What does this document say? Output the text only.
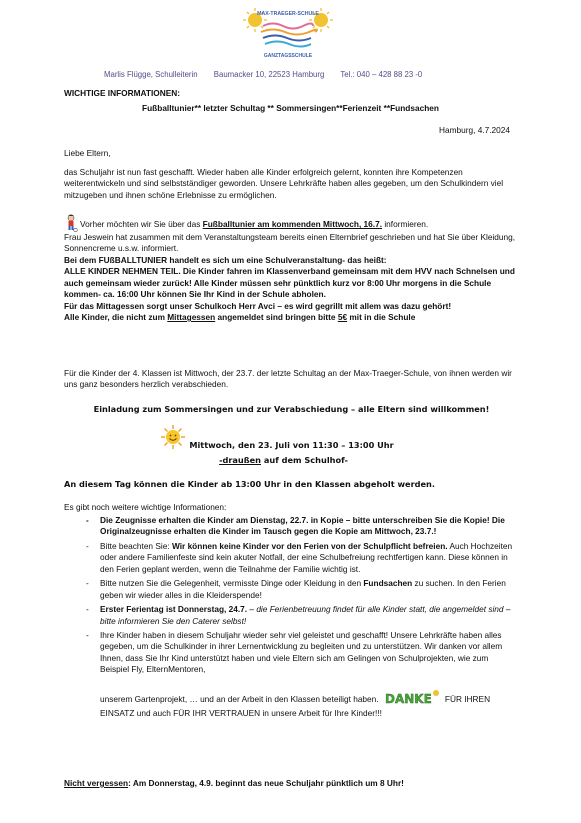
MAX-TRAEGER-SCHULE
GANZTAGSSCHULE
Marlis Flügge, Schulleiterin Baumacker 10, 22523 Hamburg Tel.: 040 – 428 88 23 -0
WICHTIGE INFORMATIONEN:
Fußballtunier** letzter Schultag ** Sommersingen**Ferienzeit **Fundsachen
Hamburg, 4.7.2024
Liebe Eltern,
das Schuljahr ist nun fast geschafft. Wieder haben alle Kinder erfolgreich gelernt, konnten ihre Kompetenzen weiterentwickeln und sind selbstständiger geworden. Unsere Lehrkräfte haben alles gegeben, um den Schulkindern viel mitzugeben und ihnen schöne Erlebnisse zu ermöglichen.
Vorher möchten wir Sie über das Fußballtunier am kommenden Mittwoch, 16.7. informieren.
Frau Jeswein hat zusammen mit dem Veranstaltungsteam bereits einen Elternbrief geschrieben und hat Sie über Kleidung, Sonnencreme u.s.w. informiert.
Bei dem FUßBALLTUNIER handelt es sich um eine Schulveranstaltung- das heißt:
ALLE KINDER NEHMEN TEIL. Die Kinder fahren im Klassenverband gemeinsam mit dem HVV nach Schnelsen und auch gemeinsam wieder zurück! Alle Kinder müssen sehr pünktlich kurz vor 8:00 Uhr morgens in die Schule kommen- ca. 16:00 Uhr können Sie Ihr Kind in der Schule abholen.
Für das Mittagessen sorgt unser Schulkoch Herr Avci – es wird gegrillt mit allem was dazu gehört!
Alle Kinder, die nicht zum Mittagessen angemeldet sind bringen bitte 5€ mit in die Schule
Für die Kinder der 4. Klassen ist Mittwoch, der 23.7. der letzte Schultag an der Max-Traeger-Schule, von ihnen werden wir uns ganz besonders herzlich verabschieden.
Einladung zum Sommersingen und zur Verabschiedung – alle Eltern sind willkommen!
Mittwoch, den 23. Juli von 11:30 – 13:00 Uhr
-draußen auf dem Schulhof-
An diesem Tag können die Kinder ab 13:00 Uhr in den Klassen abgeholt werden.
Es gibt noch weitere wichtige Informationen:
- Die Zeugnisse erhalten die Kinder am Dienstag, 22.7. in Kopie – bitte unterschreiben Sie die Kopie! Die Originalzeugnisse erhalten die Kinder im Tausch gegen die Kopie am Mittwoch, 23.7.!
- Bitte beachten Sie: Wir können keine Kinder vor den Ferien von der Schulpflicht befreien. Auch Hochzeiten oder andere Familienfeste sind kein akuter Notfall, der eine Schulbefreiung rechtfertigen kann. Diese können in den Ferien geplant werden, wenn die Teilnahme der Familie wichtig ist.
- Bitte nutzen Sie die Gelegenheit, vermisste Dinge oder Kleidung in den Fundsachen zu suchen. In den Ferien geben wir wieder alles in die Kleiderspende!
- Erster Ferientag ist Donnerstag, 24.7. – die Ferienbetreuung findet für alle Kinder statt, die angemeldet sind – bitte informieren Sie den Caterer selbst!
- Ihre Kinder haben in diesem Schuljahr wieder sehr viel geleistet und geschafft! Unsere Lehrkräfte haben alles gegeben, um die Schulkinder in ihrer Lernentwicklung zu begleiten und zu unterstützen. Wir danken vor allem Ihnen, dass Sie Ihr Kind unterstützt haben und viele Eltern sich am Gelingen von Schulprojekten, wie zum Beispiel Fly, ElternMentoren,
unserem Gartenprojekt, … und an der Arbeit in den Klassen beteiligt haben. DANKE FÜR IHREN EINSATZ und auch FÜR IHR VERTRAUEN in unsere Arbeit für Ihre Kinder!!!
Nicht vergessen: Am Donnerstag, 4.9. beginnt das neue Schuljahr pünktlich um 8 Uhr!
